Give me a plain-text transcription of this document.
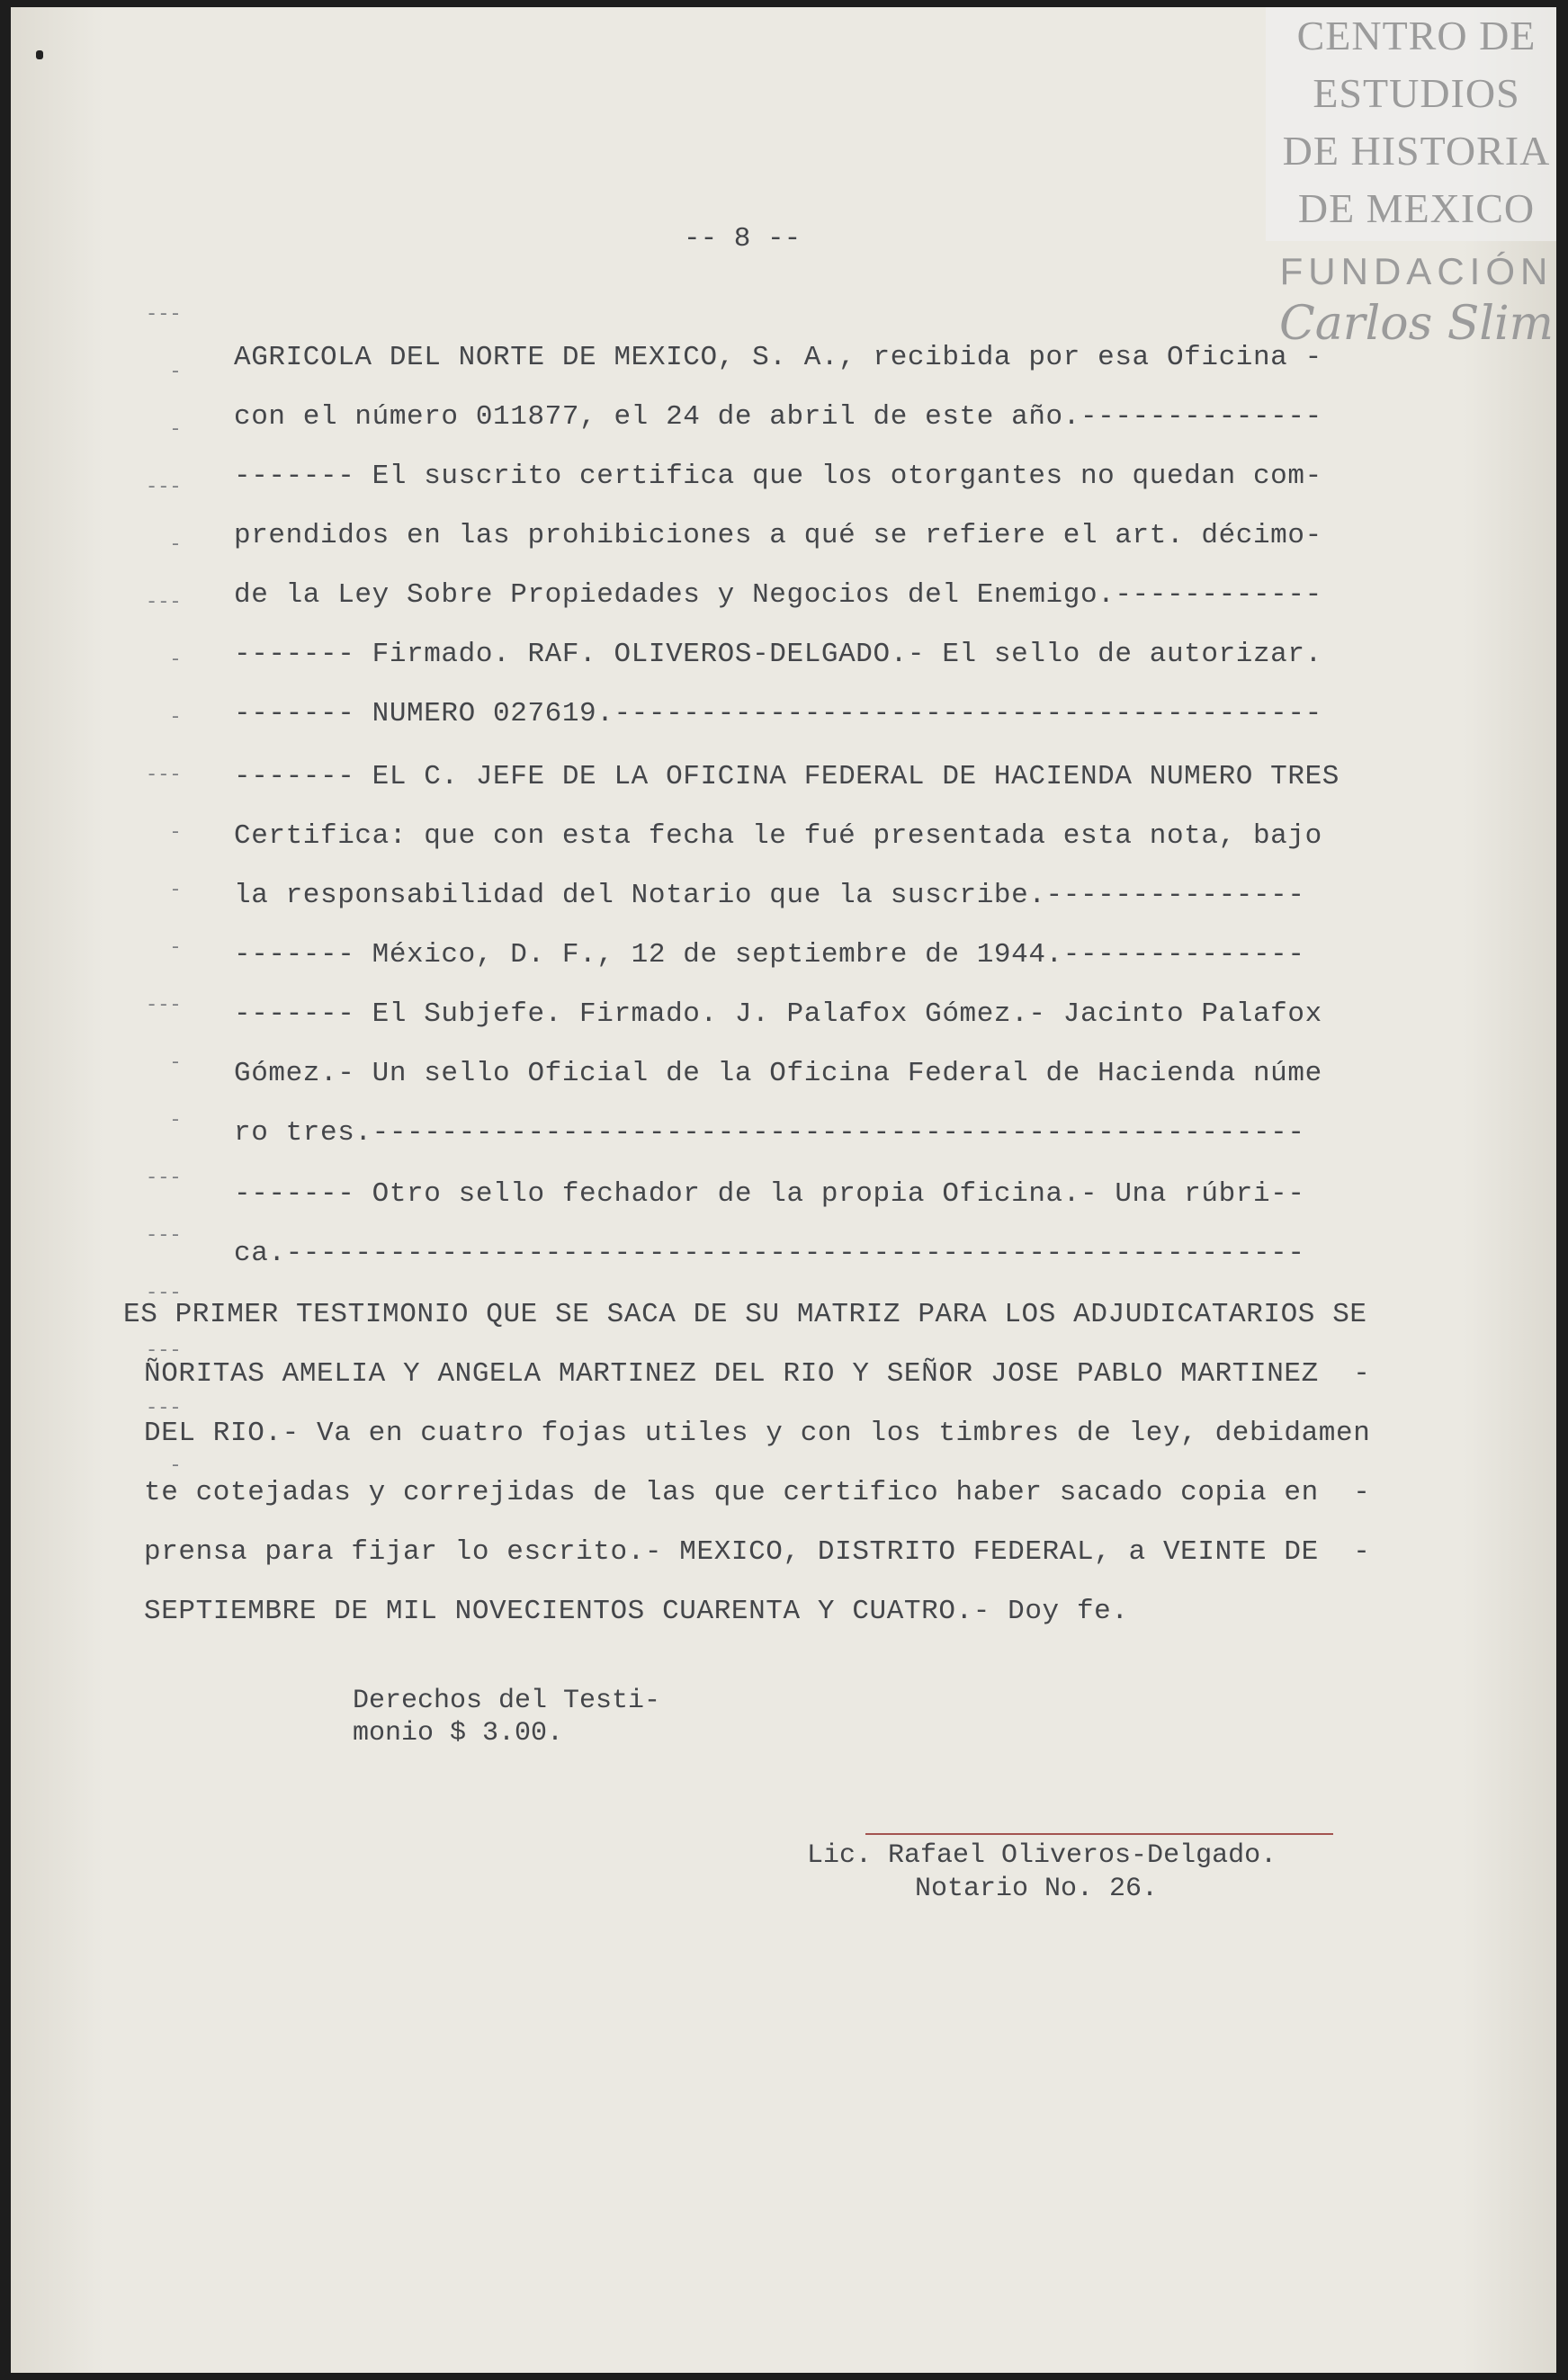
CENTRO DE
ESTUDIOS
DE HISTORIA
DE MEXICO
FUNDACIÓN
Carlos Slim
-- 8 --
---
-
-
---
-
---
-
-
---
-
-
-
---
-
-
---
---
---
---
---
-
AGRICOLA DEL NORTE DE MEXICO, S. A., recibida por esa Oficina -
con el número 011877, el 24 de abril de este año.--------------
------- El suscrito certifica que los otorgantes no quedan com-
prendidos en las prohibiciones a qué se refiere el art. décimo-
de la Ley Sobre Propiedades y Negocios del Enemigo.------------
------- Firmado. RAF. OLIVEROS-DELGADO.- El sello de autorizar.
------- NUMERO 027619.-----------------------------------------
------- EL C. JEFE DE LA OFICINA FEDERAL DE HACIENDA NUMERO TRES
Certifica: que con esta fecha le fué presentada esta nota, bajo
la responsabilidad del Notario que la suscribe.---------------
------- México, D. F., 12 de septiembre de 1944.--------------
------- El Subjefe. Firmado. J. Palafox Gómez.- Jacinto Palafox
Gómez.- Un sello Oficial de la Oficina Federal de Hacienda núme
ro tres.------------------------------------------------------
------- Otro sello fechador de la propia Oficina.- Una rúbri--
ca.-----------------------------------------------------------
ES PRIMER TESTIMONIO QUE SE SACA DE SU MATRIZ PARA LOS ADJUDICATARIOS SE
ÑORITAS AMELIA Y ANGELA MARTINEZ DEL RIO Y SEÑOR JOSE PABLO MARTINEZ  -
DEL RIO.- Va en cuatro fojas utiles y con los timbres de ley, debidamen
te cotejadas y correjidas de las que certifico haber sacado copia en  -
prensa para fijar lo escrito.- MEXICO, DISTRITO FEDERAL, a VEINTE DE  -
SEPTIEMBRE DE MIL NOVECIENTOS CUARENTA Y CUATRO.- Doy fe.
Derechos del Testi-
monio $ 3.00.
Lic. Rafael Oliveros-Delgado.
Notario No. 26.
